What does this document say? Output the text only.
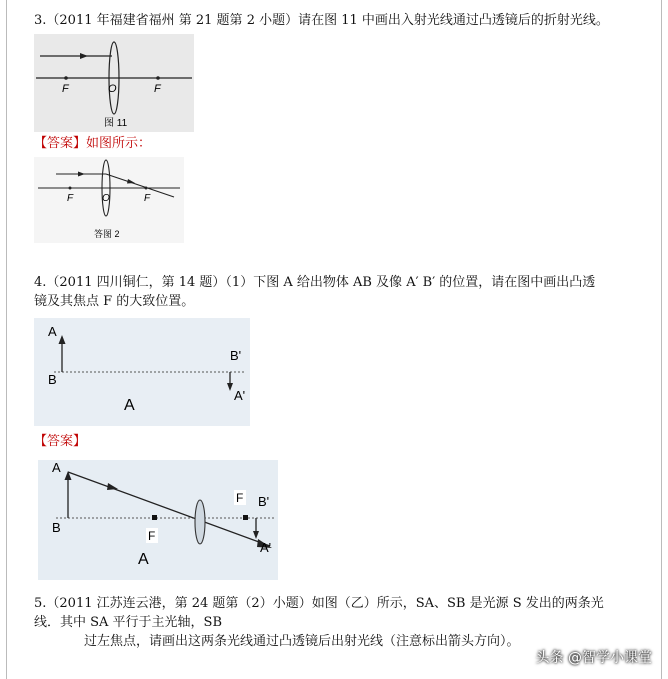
3.（2011 年福建省福州 第 21 题第 2 小题）请在图 11 中画出入射光线通过凸透镜后的折射光线。
F	O	F
图 11
【答案】如图所示：
F	O	F
答图 2
4.（2011 四川铜仁，第 14 题）（1）下图 A 给出物体 AB 及像 A′ B′ 的位置，请在图中画出凸透
镜及其焦点 F 的大致位置。
A
B
B'
A'
A
【答案】
A
B
F
F B'
A'
A
5.（2011 江苏连云港，第 24 题第（2）小题）如图（乙）所示，SA、SB 是光源 S 发出的两条光
线．其中 SA 平行于主光轴，SB
过左焦点，请画出这两条光线通过凸透镜后出射光线（注意标出箭头方向）。
头条 @智学小课堂
